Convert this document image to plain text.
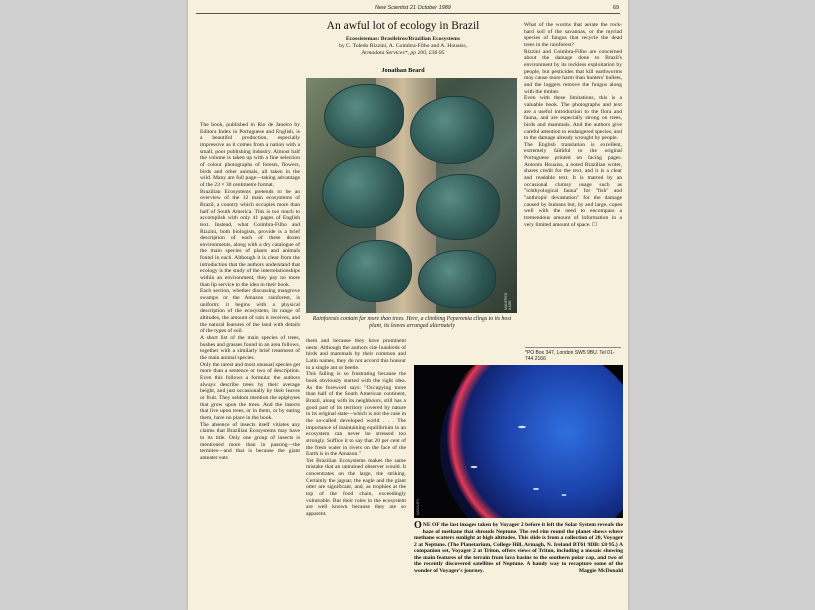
New Scientist 21 October 1989	69
An awful lot of ecology in Brazil
Ecossistemas: Brasileiros/Brazilian Ecosystems
by C. Toledo Rizzini, A. Coimbra-Filho and A. Houaiss,
Armadata Services*, pp 200, £36·95
Jonathan Beard
The book, published in Rio de Janeiro by Editora Index in Portuguese and English, is a beautiful production, especially impressive as it comes from a nation with a small, poor publishing industry. Almost half the volume is taken up with a fine selection of colour photographs of forests, flowers, birds and other animals, all taken in the wild. Many are full page—taking advantage of the 23 × 30 centimetre format.
Brazilian Ecosystems pretends to be an overview of the 12 main ecosystems of Brazil, a country which occupies more than half of South America. This is too much to accomplish with only 41 pages of English text. Instead, what Coimbra-Filho and Rizzini, both biologists, provide is a brief description of each of these dozen environments, along with a dry catalogue of the main species of plants and animals found in each. Although it is clear from the introduction that the authors understand that ecology is the study of the interrelationships within an environment, they pay no more than lip service to the idea in their book.
Each section, whether discussing mangrove swamps or the Amazon rainforest, is uniform: it begins with a physical description of the ecosystem, its range of altitudes, the amount of rain it receives, and the natural features of the land with details of the types of soil.
A short list of the main species of trees, bushes and grasses found in an area follows, together with a similarly brief treatment of the main animal species.
Only the rarest and most unusual species get more than a sentence or two of description. Even this follows a formula: the authors always describe trees by their average height, and just occasionally by their leaves or fruit. They seldom mention the epiphytes that grow upon the trees. And the insects that live upon trees, or in them, or by eating them, have no place in the book.
The absence of insects itself vitiates any claims that Brazilian Ecosystems may have to its title. Only one group of insects is mentioned more than in passing—the termites—and that is because the giant anteater eats
MANFRED KAGE
Rainforests contain far more than trees. Here, a climbing Peperomia clings to its host plant, its leaves arranged alternately
them and because they have prominent nests. Although the authors cite hundreds of birds and mammals by their common and Latin names, they do not accord this honour to a single ant or beetle.
This failing is so frustrating because the book obviously started with the right idea. As the foreword says: "Occupying more than half of the South American continent, Brazil, along with its neighbours, still has a good part of its territory covered by nature in its original state—which is not the case in the so-called developed world . . . The importance of maintaining equilibrium in an ecosystem can never be stressed too strongly. Suffice it to say that 20 per cent of the fresh water in rivers on the face of the Earth is in the Amazon."
Yet Brazilian Ecosystems makes the same mistake that an untrained observer would. It concentrates on the large, the striking. Certainly the jaguar, the eagle and the giant otter are significant, and, as trophies at the top of the food chain, exceedingly vulnerable. But their roles in the ecosystem are well known because they are so apparent.
What of the worms that aerate the rock-hard soil of the savannas, or the myriad species of fungus that recycle the dead trees in the rainforest?
Rizzini and Coimbra-Filho are concerned about the damage done to Brazil's environment by its reckless exploitation by people, but pesticides that kill earthworms may cause more harm than hunters' bullets, and the loggers remove the fungus along with the timber.
Even with these limitations, this is a valuable book. The photographs and text are a useful introduction to the flora and fauna, and are especially strong on trees, birds and mammals. And the authors give careful attention to endangered species, and to the damage already wrought by people.
The English translation is excellent, extremely faithful to the original Portuguese printed on facing pages. Antonio Houaiss, a noted Brazilian writer, shares credit for the text, and it is a clear and readable text. It is marred by an occasional clumsy usage such as "ichthyological fauna" for "fish" and "anthropic devastation" for the damage caused by humans but, by and large, copes well with the need to encompass a tremendous amount of information in a very limited amount of space. ☐
*PO Box 347, London SW5 9BU. Tel 01-744 2166
NASA/JPL
ONE OF the last images taken by Voyager 2 before it left the Solar System reveals the haze of methane that shrouds Neptune. The red rim round the planet shows where methane scatters sunlight at high altitudes. This slide is from a collection of 20, Voyager 2 at Neptune. (The Planetarium, College Hill, Armagh, N. Ireland BT61 9DB: £8·95.) A companion set, Voyager 2 at Triton, offers views of Triton, including a mosaic showing the main features of the terrain from lava basins to the southern polar cap, and two of the recently discovered satellites of Neptune. A handy way to recapture some of the wonder of Voyager's journey.	Maggie McDonald
